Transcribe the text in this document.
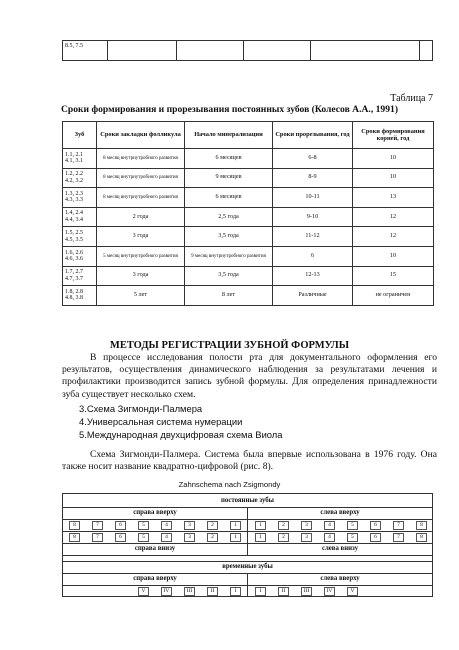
8.5, 7.5					
Таблица 7
Сроки формирования и прорезывания постоянных зубов (Колесов А.А., 1991)
Зуб	Сроки закладки фолликула	Начало минерализации	Сроки прорезывания, год	Сроки формирования корней, год

1.1, 2.1
4.1, 3.1	8 месяц внутриутробного развития	6 месяцев	6-8	10

1.2, 2.2
4.2, 3.2	8 месяц внутриутробного развития	9 месяцев	8-9	10

1.3, 2.3
4.3, 3.3	8 месяц внутриутробного развития	6 месяцев	10-11	13

1.4, 2.4
4.4, 3.4	2 года	2,5 года	9-10	12

1.5, 2.5
4.5, 3.5	3 года	3,5 года	11-12	12

1.6, 2.6
4.6, 3.6	5 месяц внутриутробного развития	9 месяц внутриутробного развития	6	10

1.7, 2.7
4.7, 3.7	3 года	3,5 года	12-13	15

1.8, 2.8
4.8, 3.8	5 лет	8 лет	Различные	не ограничен
МЕТОДЫ РЕГИСТРАЦИИ ЗУБНОЙ ФОРМУЛЫ
В процессе исследования полости рта для документального оформления его результатов, осуществления динамического наблюдения за результатами лечения и профилактики производится запись зубной формулы. Для определения принадлежности зуба существует несколько схем.
3.Схема Зигмонди-Палмера
4.Универсальная система нумерации
5.Международная двухцифровая схема Виола
Схема Зигмонди-Палмера. Система была впервые использована в 1976 году. Она также носит название квадратно-цифровой (рис. 8).
Zahnschema nach Zsigmondy
постоянные зубы
справа вверху	слева вверху
8	7	6	5	4	3	2	1	1	2	3	4	5	6	7	8
8	7	6	5	4	3	2	1	1	2	3	4	5	6	7	8
справа внизу	слева внизу
временные зубы
справа вверху	слева вверху
V	IV	III	II	I	I	II	III	IV	V
